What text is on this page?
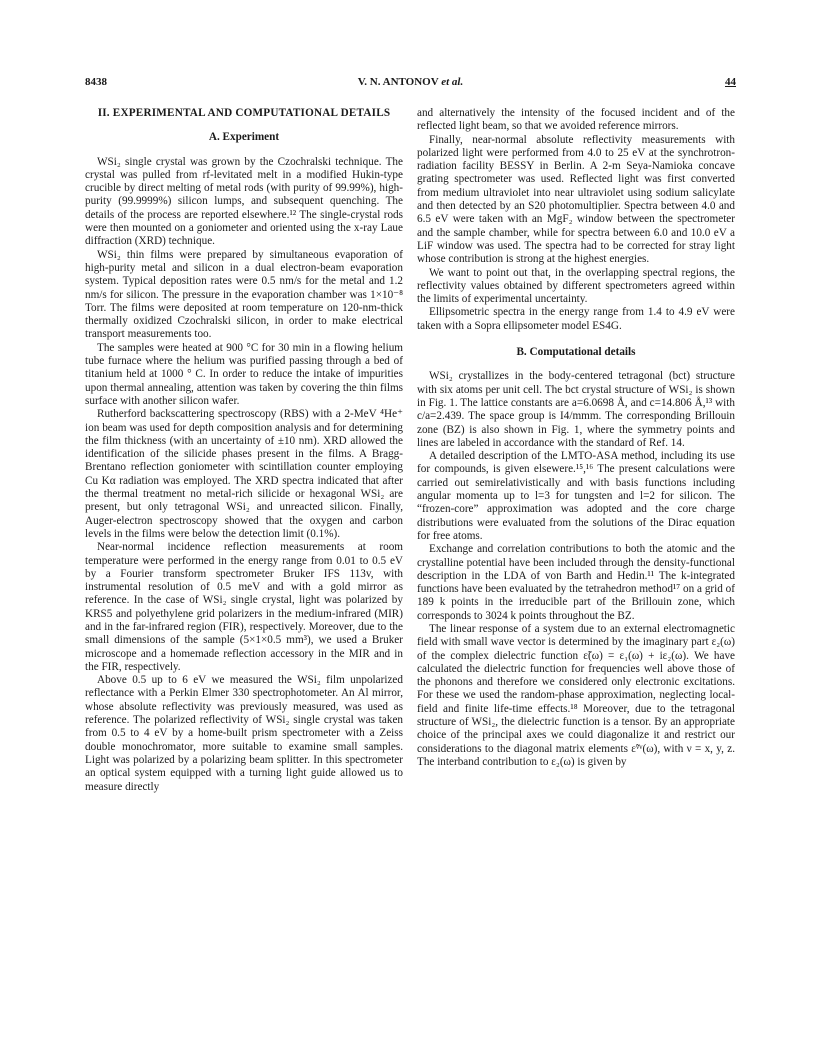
8438	V. N. ANTONOV et al.	44
II. EXPERIMENTAL AND COMPUTATIONAL DETAILS
A. Experiment

WSi₂ single crystal was grown by the Czochralski technique. The crystal was pulled from rf-levitated melt in a modified Hukin-type crucible by direct melting of metal rods (with purity of 99.99%), high-purity (99.9999%) silicon lumps, and subsequent quenching. The details of the process are reported elsewhere.¹² The single-crystal rods were then mounted on a goniometer and oriented using the x-ray Laue diffraction (XRD) technique.

WSi₂ thin films were prepared by simultaneous evaporation of high-purity metal and silicon in a dual electron-beam evaporation system. Typical deposition rates were 0.5 nm/s for the metal and 1.2 nm/s for silicon. The pressure in the evaporation chamber was 1×10⁻⁸ Torr. The films were deposited at room temperature on 120-nm-thick thermally oxidized Czochralski silicon, in order to make electrical transport measurements too.

The samples were heated at 900 °C for 30 min in a flowing helium tube furnace where the helium was purified passing through a bed of titanium held at 1000 ° C. In order to reduce the intake of impurities upon thermal annealing, attention was taken by covering the thin films surface with another silicon wafer.

Rutherford backscattering spectroscopy (RBS) with a 2-MeV ⁴He⁺ ion beam was used for depth composition analysis and for determining the film thickness (with an uncertainty of ±10 nm). XRD allowed the identification of the silicide phases present in the films. A Bragg-Brentano reflection goniometer with scintillation counter employing Cu Kα radiation was employed. The XRD spectra indicated that after the thermal treatment no metal-rich silicide or hexagonal WSi₂ are present, but only tetragonal WSi₂ and unreacted silicon. Finally, Auger-electron spectroscopy showed that the oxygen and carbon levels in the films were below the detection limit (0.1%).

Near-normal incidence reflection measurements at room temperature were performed in the energy range from 0.01 to 0.5 eV by a Fourier transform spectrometer Bruker IFS 113v, with instrumental resolution of 0.5 meV and with a gold mirror as reference. In the case of WSi₂ single crystal, light was polarized by KRS5 and polyethylene grid polarizers in the medium-infrared (MIR) and in the far-infrared region (FIR), respectively. Moreover, due to the small dimensions of the sample (5×1×0.5 mm³), we used a Bruker microscope and a homemade reflection accessory in the MIR and in the FIR, respectively.

Above 0.5 up to 6 eV we measured the WSi₂ film unpolarized reflectance with a Perkin Elmer 330 spectrophotometer. An Al mirror, whose absolute reflectivity was previously measured, was used as reference. The polarized reflectivity of WSi₂ single crystal was taken from 0.5 to 4 eV by a home-built prism spectrometer with a Zeiss double monochromator, more suitable to examine small samples. Light was polarized by a polarizing beam splitter. In this spectrometer an optical system equipped with a turning light guide allowed us to measure directly

and alternatively the intensity of the focused incident and of the reflected light beam, so that we avoided reference mirrors.

Finally, near-normal absolute reflectivity measurements with polarized light were performed from 4.0 to 25 eV at the synchrotron-radiation facility BESSY in Berlin. A 2-m Seya-Namioka concave grating spectrometer was used. Reflected light was first converted from medium ultraviolet into near ultraviolet using sodium salicylate and then detected by an S20 photomultiplier. Spectra between 4.0 and 6.5 eV were taken with an MgF₂ window between the spectrometer and the sample chamber, while for spectra between 6.0 and 10.0 eV a LiF window was used. The spectra had to be corrected for stray light whose contribution is strong at the highest energies.

We want to point out that, in the overlapping spectral regions, the reflectivity values obtained by different spectrometers agreed within the limits of experimental uncertainty.

Ellipsometric spectra in the energy range from 1.4 to 4.9 eV were taken with a Sopra ellipsometer model ES4G.

B. Computational details

WSi₂ crystallizes in the body-centered tetragonal (bct) structure with six atoms per unit cell. The bct crystal structure of WSi₂ is shown in Fig. 1. The lattice constants are a=6.0698 Å, and c=14.806 Å,¹³ with c/a=2.439. The space group is I4/mmm. The corresponding Brillouin zone (BZ) is also shown in Fig. 1, where the symmetry points and lines are labeled in accordance with the standard of Ref. 14.

A detailed description of the LMTO-ASA method, including its use for compounds, is given elsewere.¹⁵,¹⁶ The present calculations were carried out semirelativistically and with basis functions including angular momenta up to l=3 for tungsten and l=2 for silicon. The “frozen-core” approximation was adopted and the core charge distributions were evaluated from the solutions of the Dirac equation for free atoms.

Exchange and correlation contributions to both the atomic and the crystalline potential have been included through the density-functional description in the LDA of von Barth and Hedin.¹¹ The k-integrated functions have been evaluated by the tetrahedron method¹⁷ on a grid of 189 k points in the irreducible part of the Brillouin zone, which corresponds to 3024 k points throughout the BZ.

The linear response of a system due to an external electromagnetic field with small wave vector is determined by the imaginary part ε₂(ω) of the complex dielectric function ε̃(ω) = ε₁(ω) + iε₂(ω). We have calculated the dielectric function for frequencies well above those of the phonons and therefore we considered only electronic excitations. For these we used the random-phase approximation, neglecting local-field and finite life-time effects.¹⁸ Moreover, due to the tetragonal structure of WSi₂, the dielectric function is a tensor. By an appropriate choice of the principal axes we could diagonalize it and restrict our considerations to the diagonal matrix elements ε̃ᵛᵛ(ω), with ν = x, y, z. The interband contribution to ε₂(ω) is given by
